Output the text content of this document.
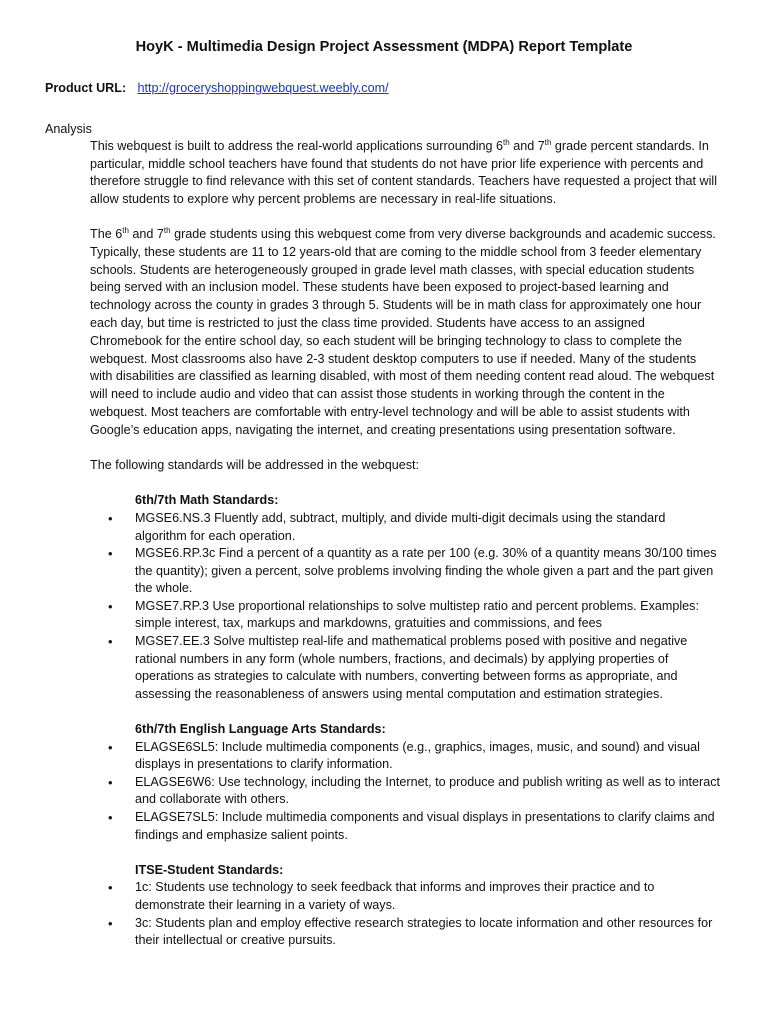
HoyK - Multimedia Design Project Assessment (MDPA) Report Template
Product URL: http://groceryshoppingwebquest.weebly.com/
Analysis

This webquest is built to address the real-world applications surrounding 6th and 7th grade percent standards. In particular, middle school teachers have found that students do not have prior life experience with percents and therefore struggle to find relevance with this set of content standards. Teachers have requested a project that will allow students to explore why percent problems are necessary in real-life situations.

The 6th and 7th grade students using this webquest come from very diverse backgrounds and academic success. Typically, these students are 11 to 12 years-old that are coming to the middle school from 3 feeder elementary schools. Students are heterogeneously grouped in grade level math classes, with special education students being served with an inclusion model. These students have been exposed to project-based learning and technology across the county in grades 3 through 5. Students will be in math class for approximately one hour each day, but time is restricted to just the class time provided. Students have access to an assigned Chromebook for the entire school day, so each student will be bringing technology to class to complete the webquest. Most classrooms also have 2-3 student desktop computers to use if needed. Many of the students with disabilities are classified as learning disabled, with most of them needing content read aloud. The webquest will need to include audio and video that can assist those students in working through the content in the webquest. Most teachers are comfortable with entry-level technology and will be able to assist students with Google’s education apps, navigating the internet, and creating presentations using presentation software.

The following standards will be addressed in the webquest:

6th/7th Math Standards:
• MGSE6.NS.3 Fluently add, subtract, multiply, and divide multi-digit decimals using the standard algorithm for each operation.
• MGSE6.RP.3c Find a percent of a quantity as a rate per 100 (e.g. 30% of a quantity means 30/100 times the quantity); given a percent, solve problems involving finding the whole given a part and the part given the whole.
• MGSE7.RP.3 Use proportional relationships to solve multistep ratio and percent problems. Examples: simple interest, tax, markups and markdowns, gratuities and commissions, and fees
• MGSE7.EE.3 Solve multistep real-life and mathematical problems posed with positive and negative rational numbers in any form (whole numbers, fractions, and decimals) by applying properties of operations as strategies to calculate with numbers, converting between forms as appropriate, and assessing the reasonableness of answers using mental computation and estimation strategies.
6th/7th English Language Arts Standards:
• ELAGSE6SL5: Include multimedia components (e.g., graphics, images, music, and sound) and visual displays in presentations to clarify information.
• ELAGSE6W6: Use technology, including the Internet, to produce and publish writing as well as to interact and collaborate with others.
• ELAGSE7SL5: Include multimedia components and visual displays in presentations to clarify claims and findings and emphasize salient points.
ITSE-Student Standards:
• 1c: Students use technology to seek feedback that informs and improves their practice and to demonstrate their learning in a variety of ways.
• 3c: Students plan and employ effective research strategies to locate information and other resources for their intellectual or creative pursuits.
